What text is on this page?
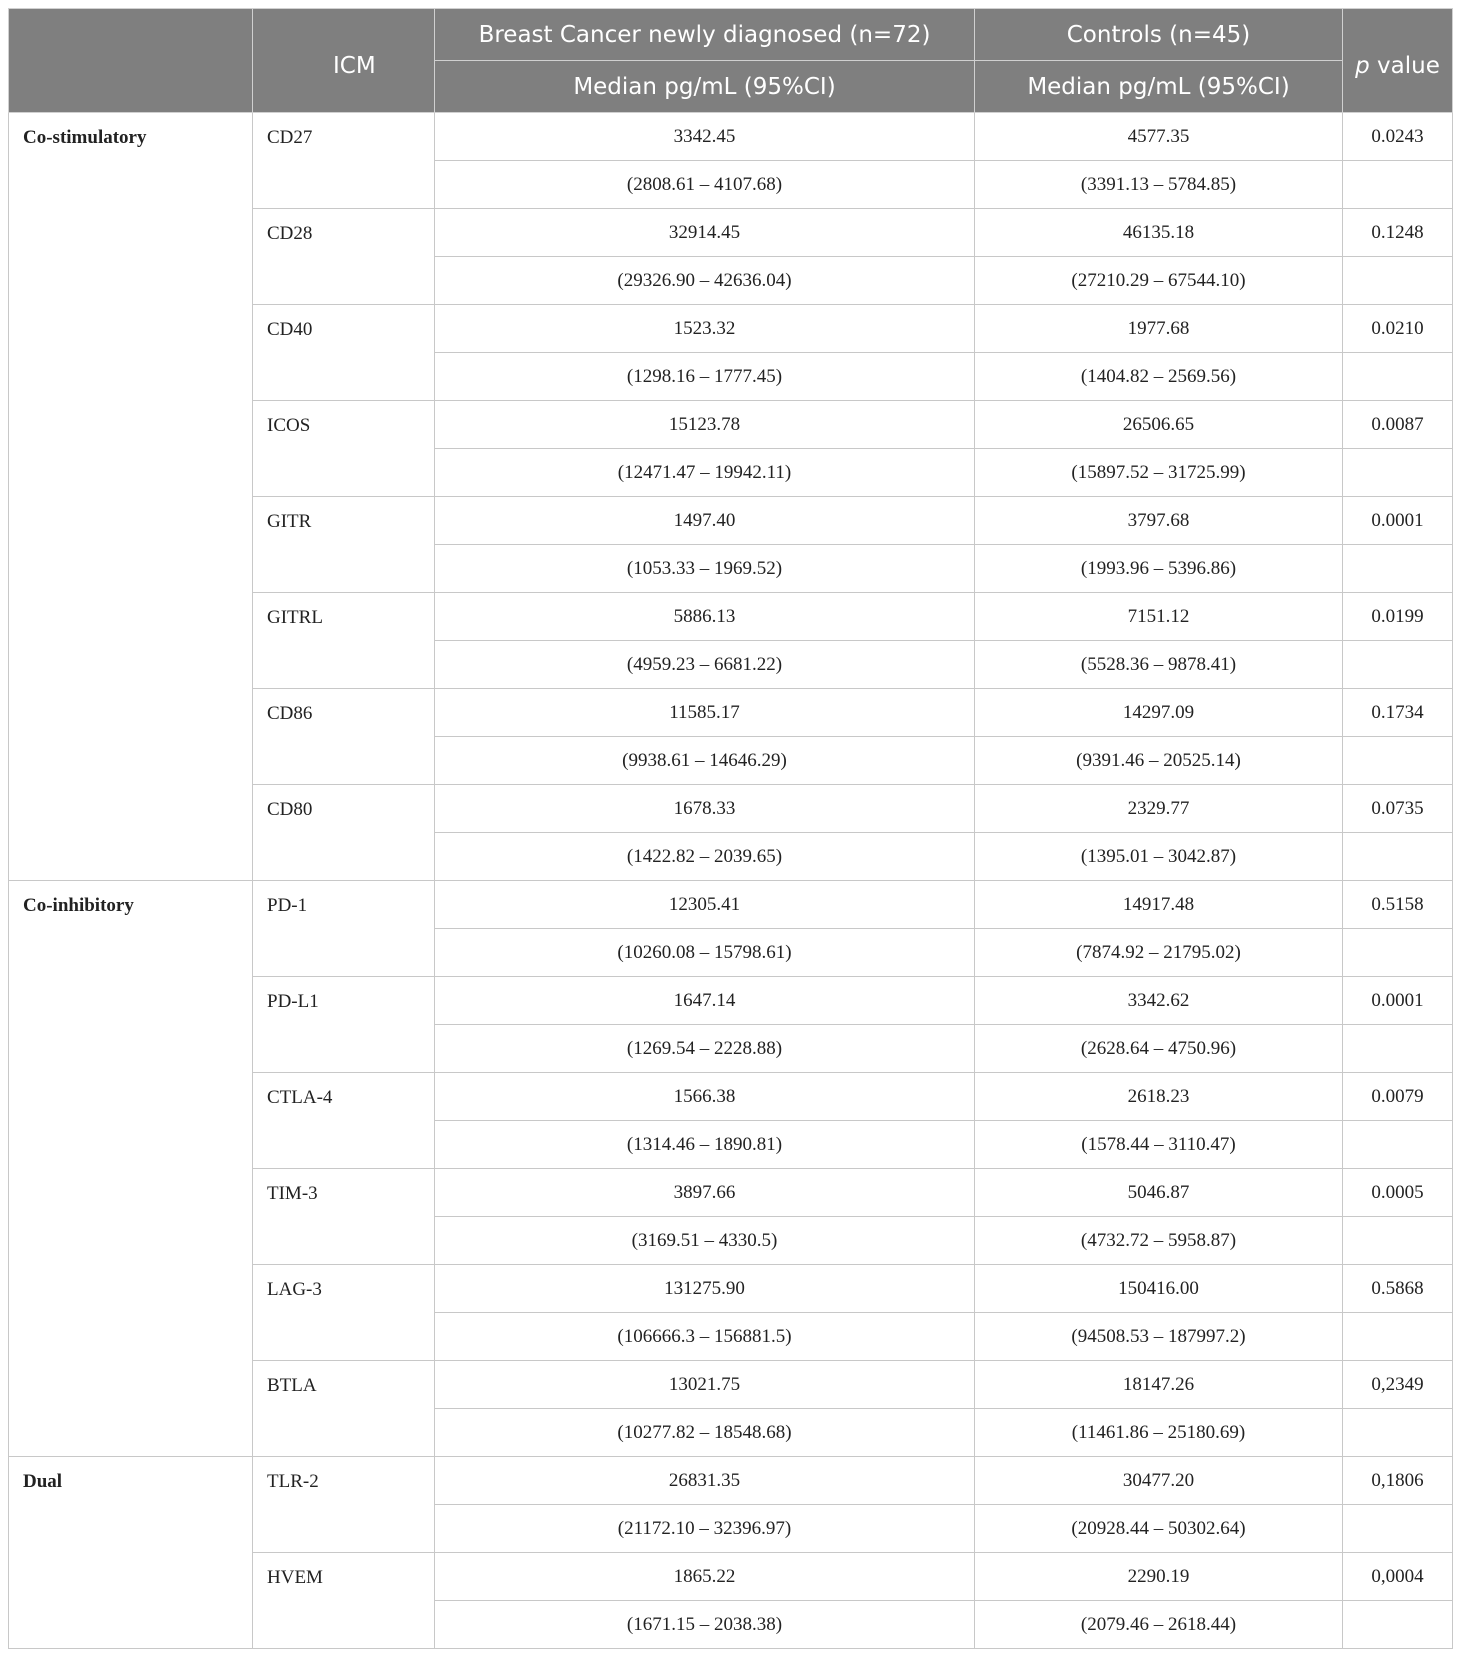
	ICM	Breast Cancer newly diagnosed (n=72)	Controls (n=45)	p value
		Median pg/mL (95%CI)	Median pg/mL (95%CI)	
Co-stimulatory	CD27	3342.45	4577.35	0.0243
		(2808.61 – 4107.68)	(3391.13 – 5784.85)	
	CD28	32914.45	46135.18	0.1248
		(29326.90 – 42636.04)	(27210.29 – 67544.10)	
	CD40	1523.32	1977.68	0.0210
		(1298.16 – 1777.45)	(1404.82 – 2569.56)	
	ICOS	15123.78	26506.65	0.0087
		(12471.47 – 19942.11)	(15897.52 – 31725.99)	
	GITR	1497.40	3797.68	0.0001
		(1053.33 – 1969.52)	(1993.96 – 5396.86)	
	GITRL	5886.13	7151.12	0.0199
		(4959.23 – 6681.22)	(5528.36 – 9878.41)	
	CD86	11585.17	14297.09	0.1734
		(9938.61 – 14646.29)	(9391.46 – 20525.14)	
	CD80	1678.33	2329.77	0.0735
		(1422.82 – 2039.65)	(1395.01 – 3042.87)	
Co-inhibitory	PD-1	12305.41	14917.48	0.5158
		(10260.08 – 15798.61)	(7874.92 – 21795.02)	
	PD-L1	1647.14	3342.62	0.0001
		(1269.54 – 2228.88)	(2628.64 – 4750.96)	
	CTLA-4	1566.38	2618.23	0.0079
		(1314.46 – 1890.81)	(1578.44 – 3110.47)	
	TIM-3	3897.66	5046.87	0.0005
		(3169.51 – 4330.5)	(4732.72 – 5958.87)	
	LAG-3	131275.90	150416.00	0.5868
		(106666.3 – 156881.5)	(94508.53 – 187997.2)	
	BTLA	13021.75	18147.26	0,2349
		(10277.82 – 18548.68)	(11461.86 – 25180.69)	
Dual	TLR-2	26831.35	30477.20	0,1806
		(21172.10 – 32396.97)	(20928.44 – 50302.64)	
	HVEM	1865.22	2290.19	0,0004
		(1671.15 – 2038.38)	(2079.46 – 2618.44)	
